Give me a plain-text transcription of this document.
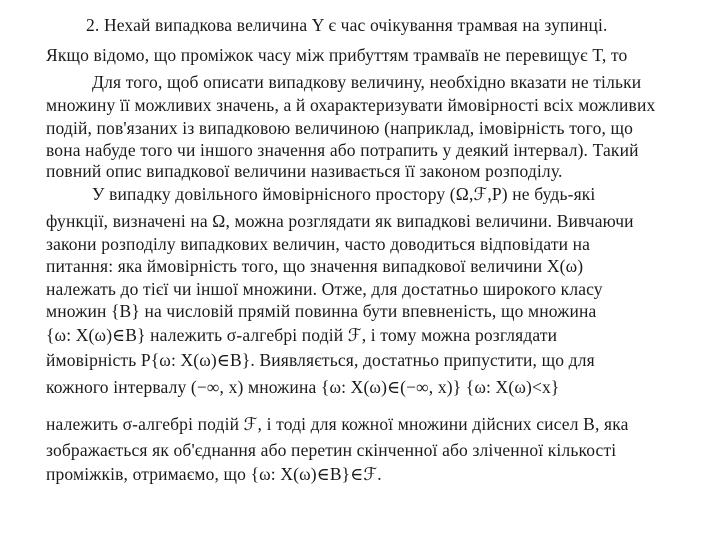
2. Нехай випадкова величина Y є час очікування трамвая на зупинці.
Якщо відомо, що проміжок часу між прибуттям трамваїв не перевищує T, то
Для того, щоб описати випадкову величину, необхідно вказати не тільки
множину її можливих значень, а й охарактеризувати ймовірності всіх можливих
подій, пов'язаних із випадковою величиною (наприклад, імовірність того, що
вона набуде того чи іншого значення або потрапить у деякий інтервал). Такий
повний опис випадкової величини називається її законом розподілу.
У випадку довільного ймовірнісного простору (Ω,ℱ,P) не будь-які
функції, визначені на Ω, можна розглядати як випадкові величини. Вивчаючи
закони розподілу випадкових величин, часто доводиться відповідати на
питання: яка ймовірність того, що значення випадкової величини X(ω)
належать до тієї чи іншої множини. Отже, для достатньо широкого класу
множин {B} на числовій прямій повинна бути впевненість, що множина
{ω: X(ω)∈B} належить σ-алгебрі подій ℱ, і тому можна розглядати
ймовірність P{ω: X(ω)∈B}. Виявляється, достатньо припустити, що для
кожного інтервалу (−∞, x) множина {ω: X(ω)∈(−∞, x)} {ω: X(ω)<x}
належить σ-алгебрі подій ℱ, і тоді для кожної множини дійсних сисел B, яка
зображається як об'єднання або перетин скінченної або зліченної кількості
проміжків, отримаємо, що {ω: X(ω)∈B}∈ℱ.
